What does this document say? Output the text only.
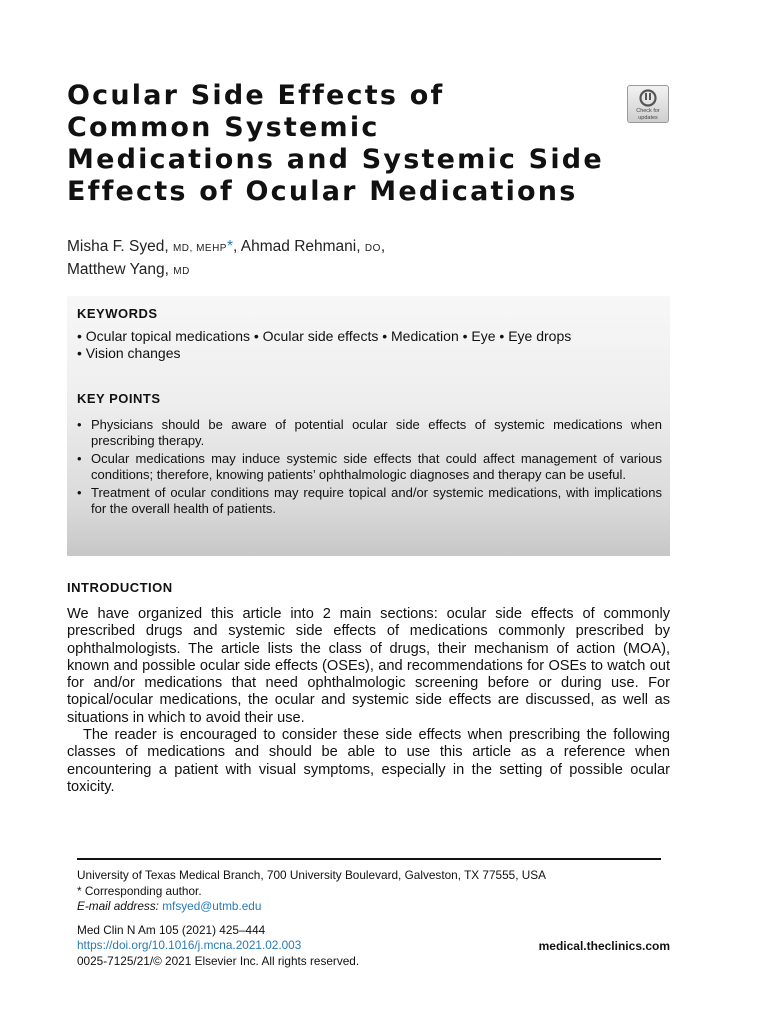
Ocular Side Effects of
Common Systemic
Medications and Systemic Side
Effects of Ocular Medications
Check for
updates
Misha F. Syed, MD, MEHP*, Ahmad Rehmani, DO,
Matthew Yang, MD
KEYWORDS
• Ocular topical medications • Ocular side effects • Medication • Eye • Eye drops
• Vision changes
KEY POINTS
• Physicians should be aware of potential ocular side effects of systemic medications when prescribing therapy.
• Ocular medications may induce systemic side effects that could affect management of various conditions; therefore, knowing patients’ ophthalmologic diagnoses and therapy can be useful.
• Treatment of ocular conditions may require topical and/or systemic medications, with implications for the overall health of patients.
INTRODUCTION

We have organized this article into 2 main sections: ocular side effects of commonly prescribed drugs and systemic side effects of medications commonly prescribed by ophthalmologists. The article lists the class of drugs, their mechanism of action (MOA), known and possible ocular side effects (OSEs), and recommendations for OSEs to watch out for and/or medications that need ophthalmologic screening before or during use. For topical/ocular medications, the ocular and systemic side effects are discussed, as well as situations in which to avoid their use.

The reader is encouraged to consider these side effects when prescribing the following classes of medications and should be able to use this article as a reference when encountering a patient with visual symptoms, especially in the setting of possible ocular toxicity.

University of Texas Medical Branch, 700 University Boulevard, Galveston, TX 77555, USA
* Corresponding author.
E-mail address: mfsyed@utmb.edu
Med Clin N Am 105 (2021) 425–444
https://doi.org/10.1016/j.mcna.2021.02.003
0025-7125/21/© 2021 Elsevier Inc. All rights reserved.
medical.theclinics.com
